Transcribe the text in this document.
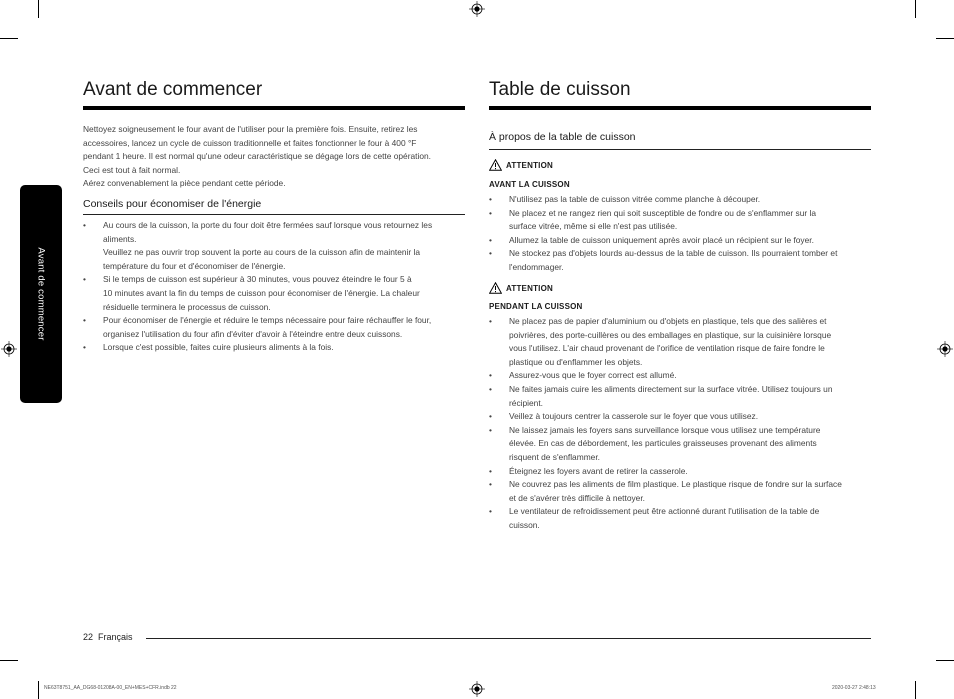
Avant de commencer
Avant de commencer
Nettoyez soigneusement le four avant de l'utiliser pour la première fois. Ensuite, retirez les
accessoires, lancez un cycle de cuisson traditionnelle et faites fonctionner le four à 400 °F
pendant 1 heure. Il est normal qu'une odeur caractéristique se dégage lors de cette opération.
Ceci est tout à fait normal.
Aérez convenablement la pièce pendant cette période.
Conseils pour économiser de l'énergie
• Au cours de la cuisson, la porte du four doit être fermées sauf lorsque vous retournez les
aliments.
Veuillez ne pas ouvrir trop souvent la porte au cours de la cuisson afin de maintenir la
température du four et d'économiser de l'énergie.
• Si le temps de cuisson est supérieur à 30 minutes, vous pouvez éteindre le four 5 à
10 minutes avant la fin du temps de cuisson pour économiser de l'énergie. La chaleur
résiduelle terminera le processus de cuisson.
• Pour économiser de l'énergie et réduire le temps nécessaire pour faire réchauffer le four,
organisez l'utilisation du four afin d'éviter d'avoir à l'éteindre entre deux cuissons.
• Lorsque c'est possible, faites cuire plusieurs aliments à la fois.
Table de cuisson
À propos de la table de cuisson
ATTENTION
AVANT LA CUISSON
• N'utilisez pas la table de cuisson vitrée comme planche à découper.
• Ne placez et ne rangez rien qui soit susceptible de fondre ou de s'enflammer sur la
surface vitrée, même si elle n'est pas utilisée.
• Allumez la table de cuisson uniquement après avoir placé un récipient sur le foyer.
• Ne stockez pas d'objets lourds au-dessus de la table de cuisson. Ils pourraient tomber et
l'endommager.
ATTENTION
PENDANT LA CUISSON
• Ne placez pas de papier d'aluminium ou d'objets en plastique, tels que des salières et
poivrières, des porte-cuillères ou des emballages en plastique, sur la cuisinière lorsque
vous l'utilisez. L'air chaud provenant de l'orifice de ventilation risque de faire fondre le
plastique ou d'enflammer les objets.
• Assurez-vous que le foyer correct est allumé.
• Ne faites jamais cuire les aliments directement sur la surface vitrée. Utilisez toujours un
récipient.
• Veillez à toujours centrer la casserole sur le foyer que vous utilisez.
• Ne laissez jamais les foyers sans surveillance lorsque vous utilisez une température
élevée. En cas de débordement, les particules graisseuses provenant des aliments
risquent de s'enflammer.
• Éteignez les foyers avant de retirer la casserole.
• Ne couvrez pas les aliments de film plastique. Le plastique risque de fondre sur la surface
et de s'avérer très difficile à nettoyer.
• Le ventilateur de refroidissement peut être actionné durant l'utilisation de la table de
cuisson.
22 Français
NE63T8751_AA_DG68-01208A-00_EN+MES+CFR.indb 22	2020-03-27 2:48:13
